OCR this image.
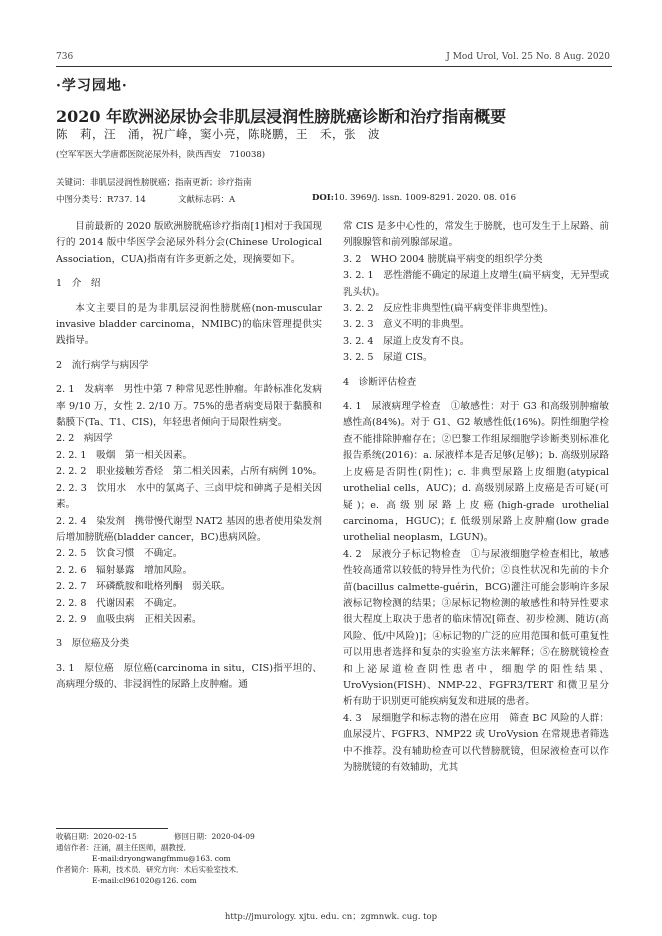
736	J Mod Urol, Vol. 25 No. 8 Aug. 2020
·学习园地·
2020 年欧洲泌尿协会非肌层浸润性膀胱癌诊断和治疗指南概要
陈　莉，汪　涌，祝广峰，窦小亮，陈晓鹏，王　禾，张　波
(空军军医大学唐都医院泌尿外科，陕西西安　710038)
关键词：非肌层浸润性膀胱癌；指南更新；诊疗指南
中图分类号：R737. 14	文献标志码：A	DOI:10. 3969/j. issn. 1009-8291. 2020. 08. 016

目前最新的 2020 版欧洲膀胱癌诊疗指南[1]相对于我国现行的 2014 版中华医学会泌尿外科分会(Chinese Urological Association，CUA)指南有许多更新之处，现摘要如下。

1　介　绍

本文主要目的是为非肌层浸润性膀胱癌(non-muscular invasive bladder carcinoma，NMIBC)的临床管理提供实践指导。

2　流行病学与病因学

2. 1　发病率　男性中第 7 种常见恶性肿瘤。年龄标准化发病率 9/10 万，女性 2. 2/10 万。75%的患者病变局限于黏膜和黏膜下(Ta、T1、CIS)，年轻患者倾向于局限性病变。

2. 2　病因学

2. 2. 1　吸烟　第一相关因素。

2. 2. 2　职业接触芳香烃　第二相关因素，占所有病例 10%。

2. 2. 3　饮用水　水中的氯离子、三卤甲烷和砷离子是相关因素。

2. 2. 4　染发剂　携带慢代谢型 NAT2 基因的患者使用染发剂后增加膀胱癌(bladder cancer，BC)患病风险。

2. 2. 5　饮食习惯　不确定。

2. 2. 6　辐射暴露　增加风险。

2. 2. 7　环磷酰胺和吡格列酮　弱关联。

2. 2. 8　代谢因素　不确定。

2. 2. 9　血吸虫病　正相关因素。

3　原位癌及分类

3. 1　原位癌　原位癌(carcinoma in situ，CIS)指平坦的、高病理分级的、非浸润性的尿路上皮肿瘤。通

常 CIS 是多中心性的，常发生于膀胱，也可发生于上尿路、前列腺腺管和前列腺部尿道。

3. 2　WHO 2004 膀胱扁平病变的组织学分类

3. 2. 1　恶性潜能不确定的尿道上皮增生(扁平病变，无异型或乳头状)。

3. 2. 2　反应性非典型性(扁平病变伴非典型性)。

3. 2. 3　意义不明的非典型。

3. 2. 4　尿道上皮发育不良。

3. 2. 5　尿道 CIS。

4　诊断评估检查

4. 1　尿液病理学检查　①敏感性：对于 G3 和高级别肿瘤敏感性高(84%)。对于 G1、G2 敏感性低(16%)。阴性细胞学检查不能排除肿瘤存在；②巴黎工作组尿细胞学诊断类别标准化报告系统(2016)：a. 尿液样本是否足够(足够)；b. 高级别尿路上皮癌是否阴性(阴性)；c. 非典型尿路上皮细胞(atypical urothelial cells，AUC)；d. 高级别尿路上皮癌是否可疑(可疑)；e. 高级别尿路上皮癌(high-grade urothelial carcinoma，HGUC)；f. 低级别尿路上皮肿瘤(low grade urothelial neoplasm，LGUN)。

4. 2　尿液分子标记物检查　①与尿液细胞学检查相比，敏感性较高通常以较低的特异性为代价；②良性状况和先前的卡介苗(bacillus calmette-guérin，BCG)灌注可能会影响许多尿液标记物检测的结果；③尿标记物检测的敏感性和特异性要求很大程度上取决于患者的临床情况[筛查、初步检测、随访(高风险、低/中风险)]；④标记物的广泛的应用范围和低可重复性可以用患者选择和复杂的实验室方法来解释；⑤在膀胱镜检查和上泌尿道检查阴性患者中，细胞学的阳性结果、UroVysion(FISH)、NMP-22、FGFR3/TERT 和微卫星分析有助于识别更可能疾病复发和进展的患者。

4. 3　尿细胞学和标志物的潜在应用　筛查 BC 风险的人群：血尿浸片、FGFR3、NMP22 或 UroVysion 在常规患者筛选中不推荐。没有辅助检查可以代替膀胱镜，但尿液检查可以作为膀胱镜的有效辅助，尤其

收稿日期：2020-02-15	修回日期：2020-04-09
通信作者：汪涌，副主任医师，副教授．
E-mail:dryongwangfmmu@163. com
作者简介：陈莉，技术员．研究方向：术后实验室技术．
E-mail:cl961020@126. com
http://jmurology. xjtu. edu. cn；zgmnwk. cug. top
